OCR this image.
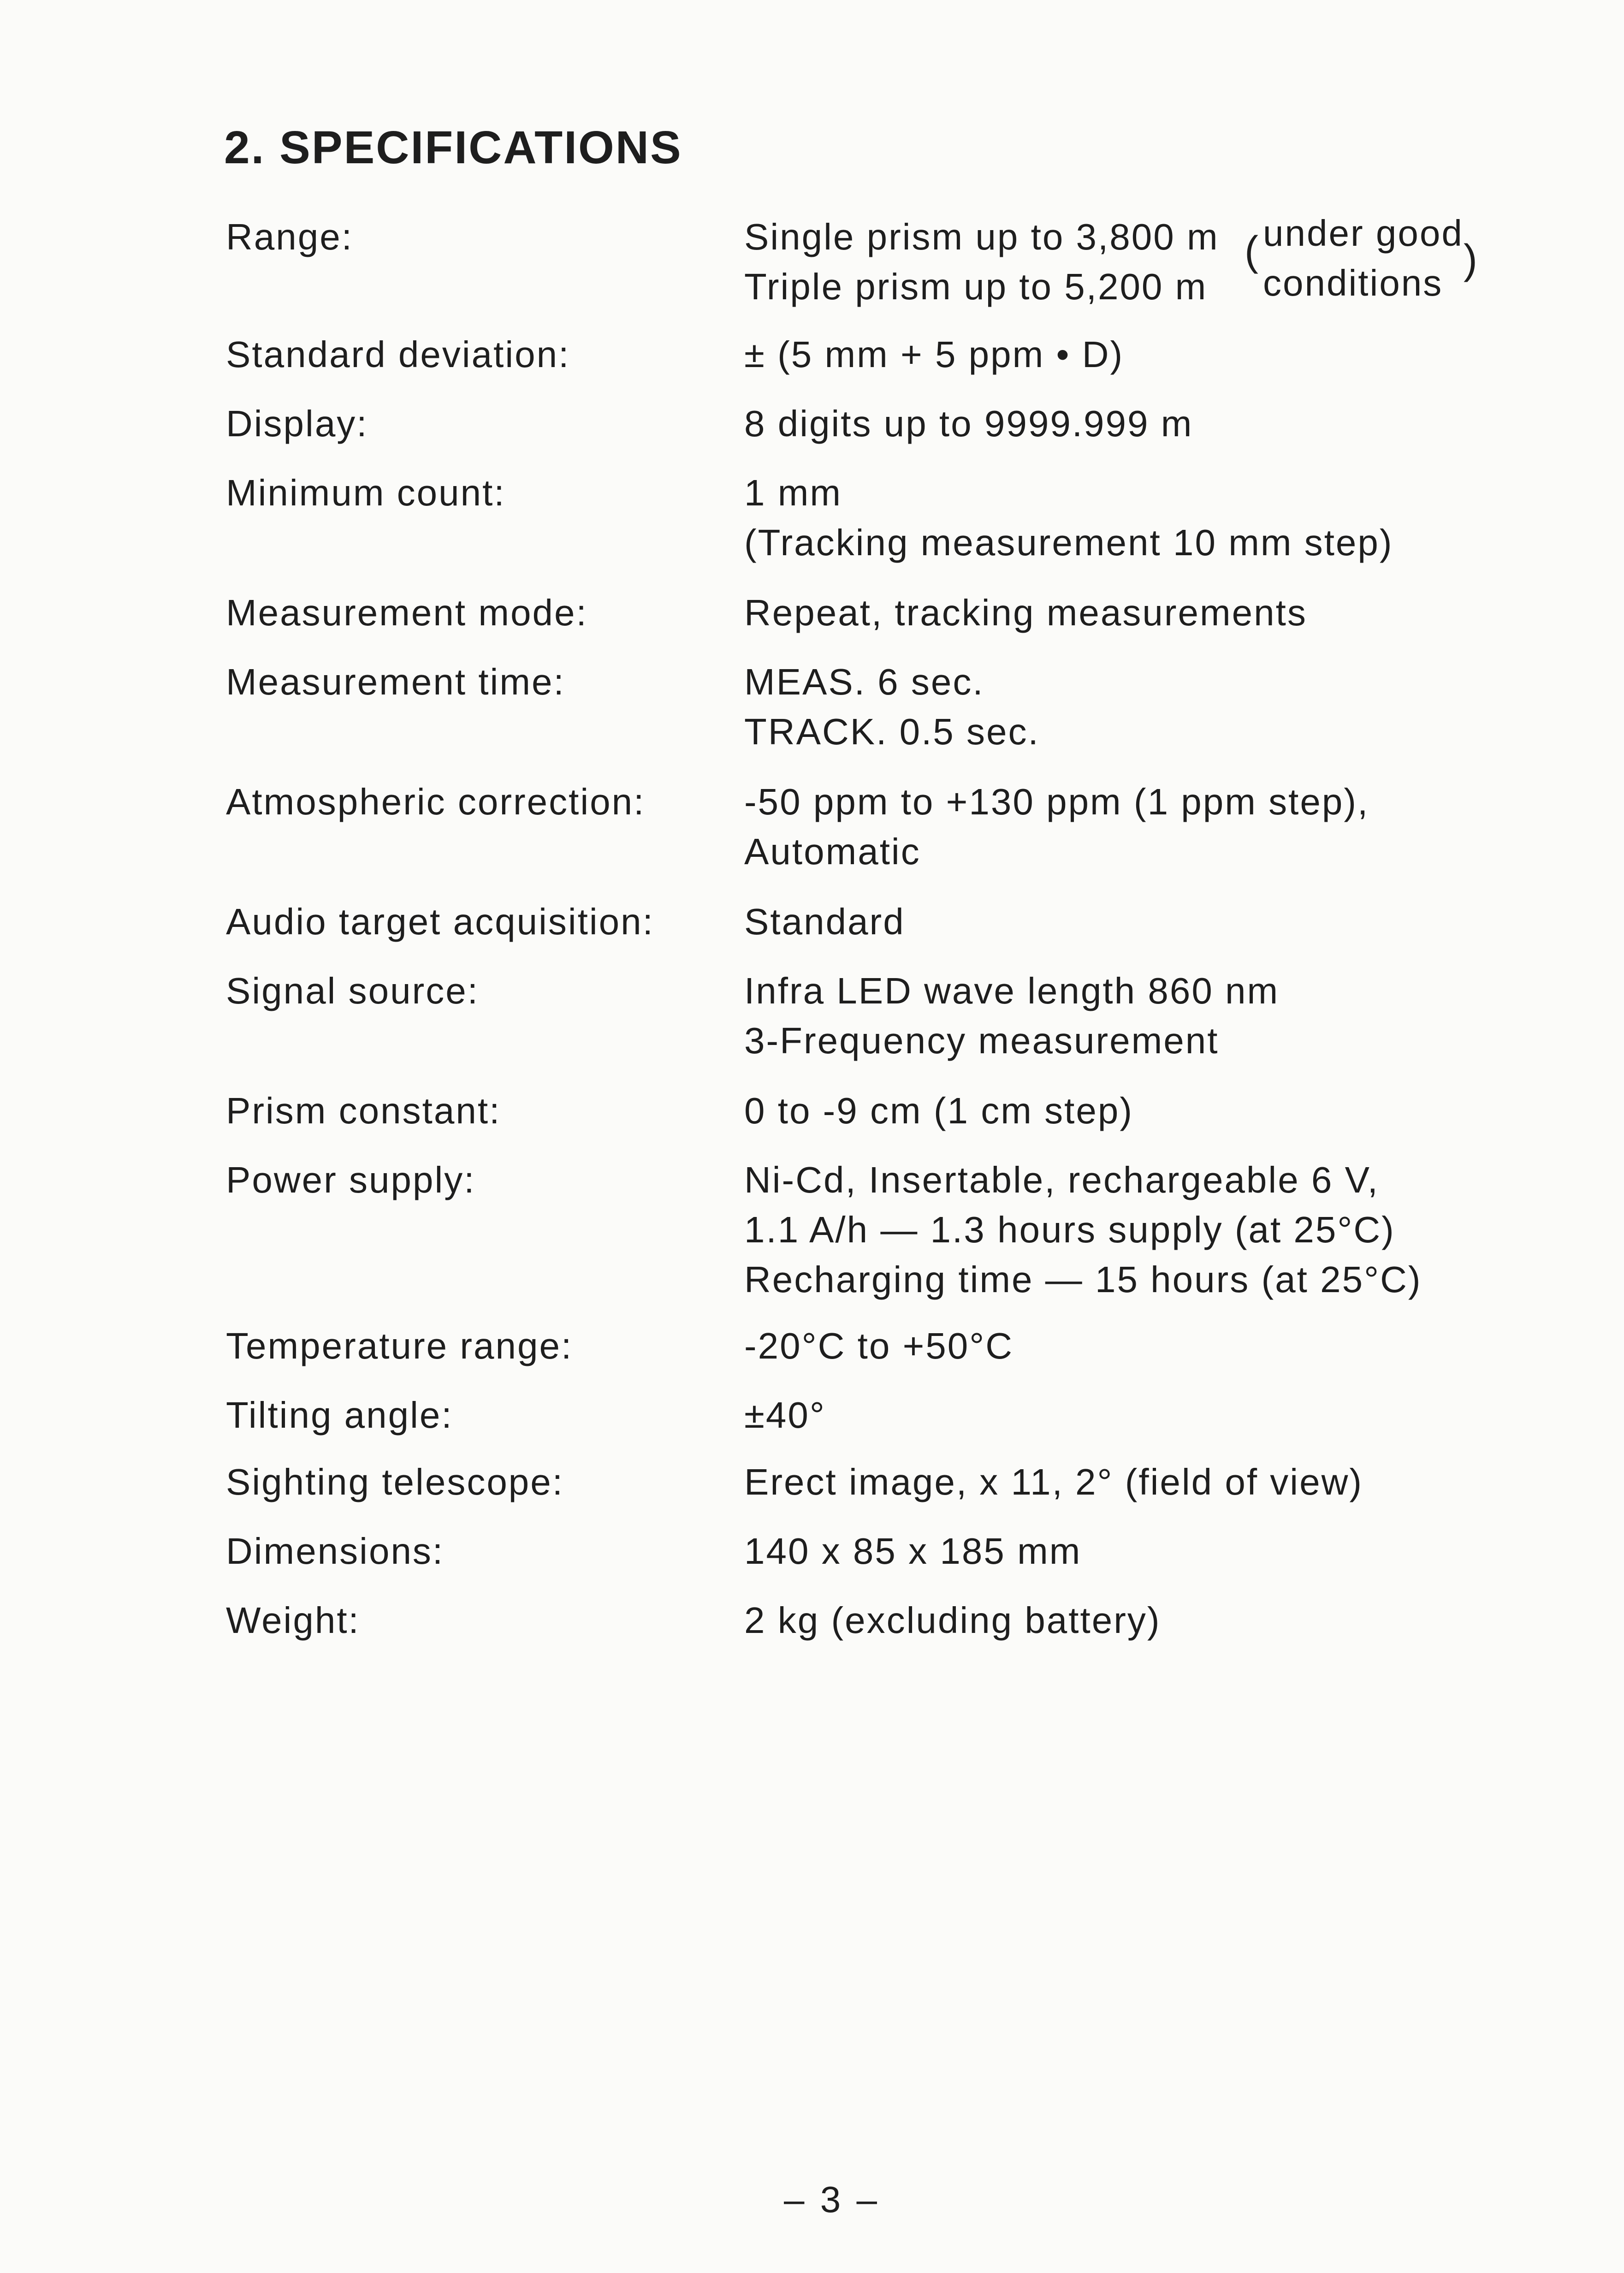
2. SPECIFICATIONS
Range:	Single prism up to 3,800 m
Triple prism up to 5,200 m
( under good
conditions
)
Standard deviation:	± (5 mm + 5 ppm • D)
Display:	8 digits up to 9999.999 m
Minimum count:	1 mm
(Tracking measurement 10 mm step)
Measurement mode:	Repeat, tracking measurements
Measurement time:	MEAS. 6 sec.
TRACK. 0.5 sec.
Atmospheric correction:	-50 ppm to +130 ppm (1 ppm step),
Automatic
Audio target acquisition: Standard
Signal source:	Infra LED wave length 860 nm
3-Frequency measurement
Prism constant:	0 to -9 cm (1 cm step)
Power supply:	Ni-Cd, Insertable, rechargeable 6 V,
1.1 A/h — 1.3 hours supply (at 25°C)
Recharging time — 15 hours (at 25°C)
Temperature range:	-20°C to +50°C
Tilting angle:	±40°
Sighting telescope:	Erect image, x 11, 2° (field of view)
Dimensions:	140 x 85 x 185 mm
Weight:	2 kg (excluding battery)
– 3 –
